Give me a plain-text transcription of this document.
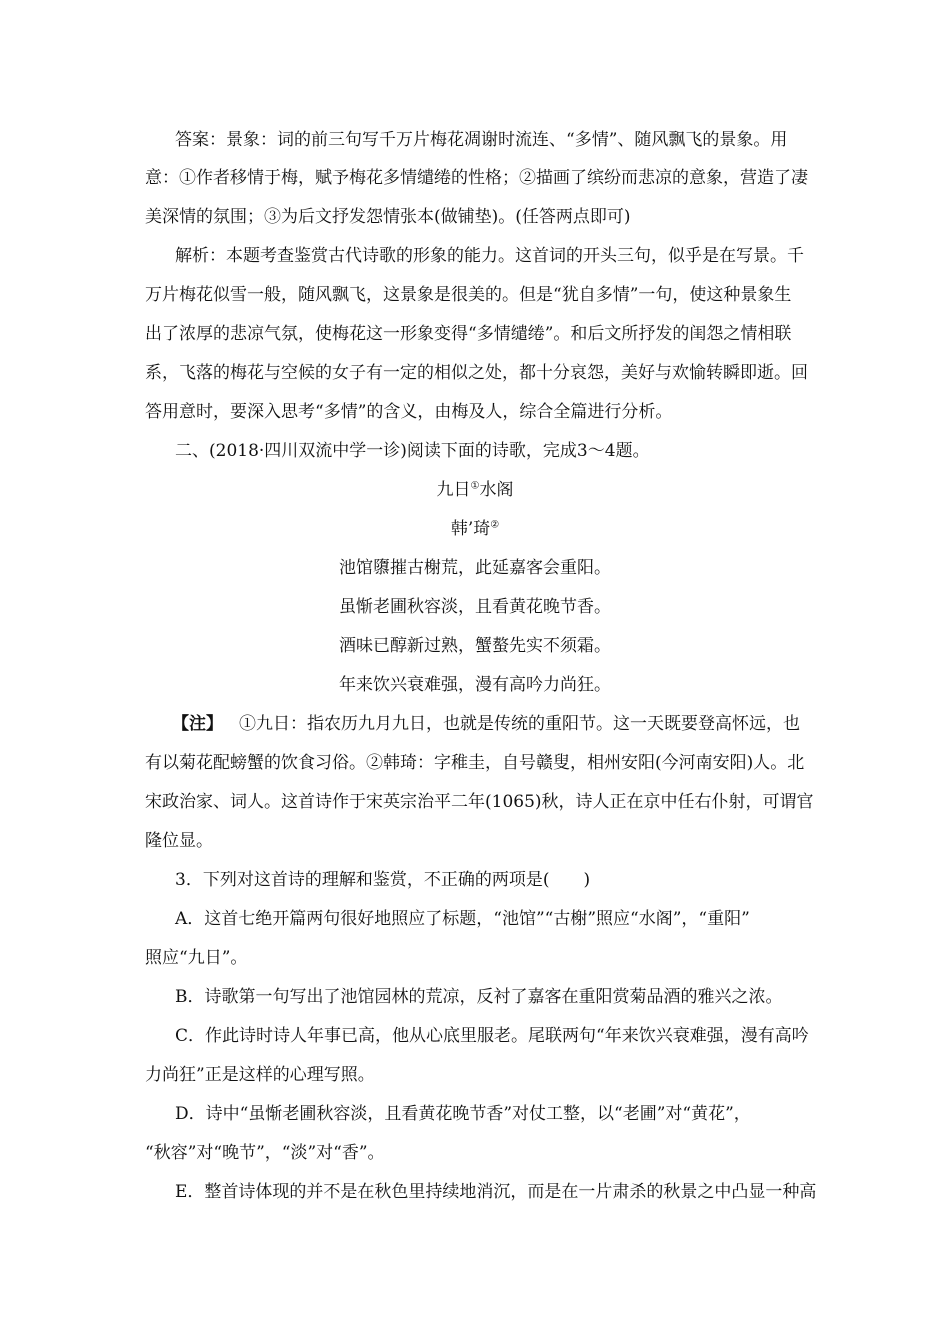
答案：景象：词的前三句写千万片梅花凋谢时流连、“多情”、随风飘飞的景象。用
意：①作者移情于梅，赋予梅花多情缱绻的性格；②描画了缤纷而悲凉的意象，营造了凄
美深情的氛围；③为后文抒发怨情张本(做铺垫)。(任答两点即可)
解析：本题考查鉴赏古代诗歌的形象的能力。这首词的开头三句，似乎是在写景。千
万片梅花似雪一般，随风飘飞，这景象是很美的。但是“犹自多情”一句，使这种景象生
出了浓厚的悲凉气氛，使梅花这一形象变得“多情缱绻”。和后文所抒发的闺怨之情相联
系，飞落的梅花与空候的女子有一定的相似之处，都十分哀怨，美好与欢愉转瞬即逝。回
答用意时，要深入思考“多情”的含义，由梅及人，综合全篇进行分析。
二、(2018·四川双流中学一诊)阅读下面的诗歌，完成3～4题。
九日①水阁
韩’琦②
池馆隳摧古榭荒，此延嘉客会重阳。
虽惭老圃秋容淡，且看黄花晚节香。
酒味已醇新过熟，蟹螯先实不须霜。
年来饮兴衰难强，漫有高吟力尚狂。
【注】 ①九日：指农历九月九日，也就是传统的重阳节。这一天既要登高怀远，也
有以菊花配螃蟹的饮食习俗。②韩琦：字稚圭，自号赣叟，相州安阳(今河南安阳)人。北
宋政治家、词人。这首诗作于宋英宗治平二年(1065)秋，诗人正在京中任右仆射，可谓官
隆位显。
3．下列对这首诗的理解和鉴赏，不正确的两项是(　　)
A．这首七绝开篇两句很好地照应了标题，“池馆”“古榭”照应“水阁”，“重阳”
照应“九日”。
B．诗歌第一句写出了池馆园林的荒凉，反衬了嘉客在重阳赏菊品酒的雅兴之浓。
C．作此诗时诗人年事已高，他从心底里服老。尾联两句“年来饮兴衰难强，漫有高吟
力尚狂”正是这样的心理写照。
D．诗中“虽惭老圃秋容淡，且看黄花晚节香”对仗工整，以“老圃”对“黄花”，
“秋容”对“晚节”，“淡”对“香”。
E．整首诗体现的并不是在秋色里持续地消沉，而是在一片肃杀的秋景之中凸显一种高
